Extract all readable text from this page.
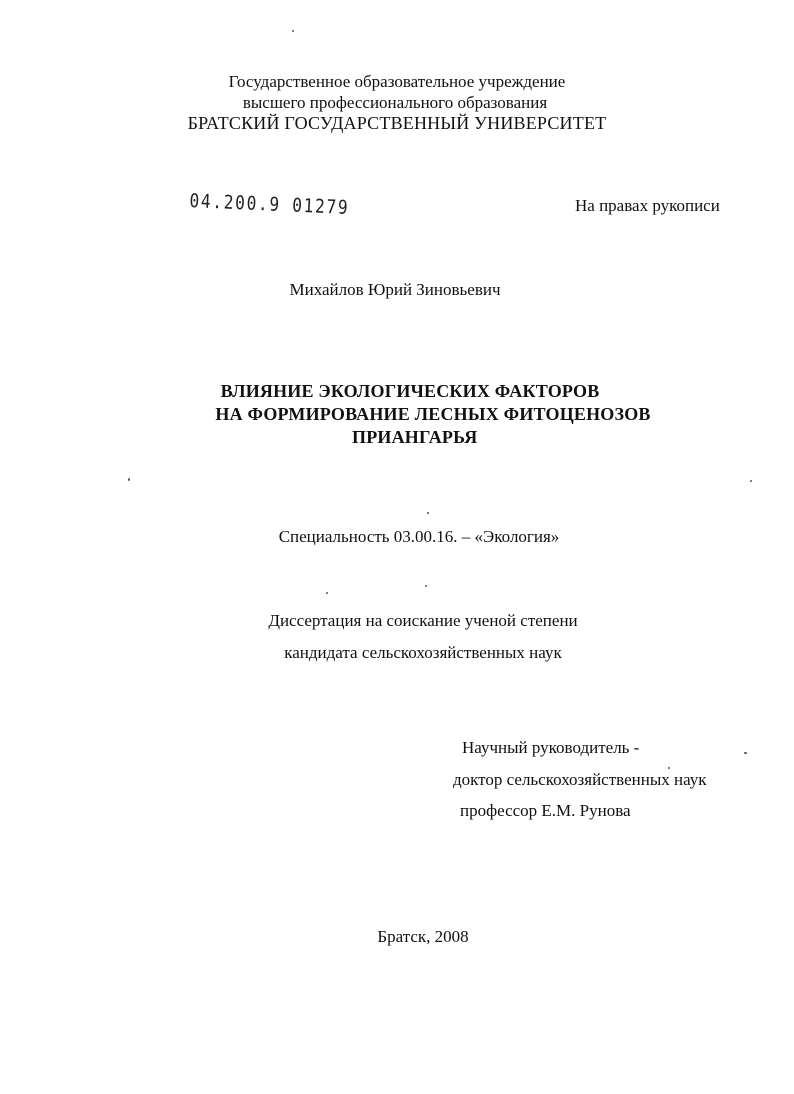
Государственное образовательное учреждение
высшего профессионального образования
БРАТСКИЙ ГОСУДАРСТВЕННЫЙ УНИВЕРСИТЕТ
04.200.9 01279	На правах рукописи
Михайлов Юрий Зиновьевич
ВЛИЯНИЕ ЭКОЛОГИЧЕСКИХ ФАКТОРОВ
НА ФОРМИРОВАНИЕ ЛЕСНЫХ ФИТОЦЕНОЗОВ
ПРИАНГАРЬЯ
Специальность 03.00.16. – «Экология»
Диссертация на соискание ученой степени
кандидата сельскохозяйственных наук
Научный руководитель -
доктор сельскохозяйственных наук
профессор Е.М. Рунова
Братск, 2008
